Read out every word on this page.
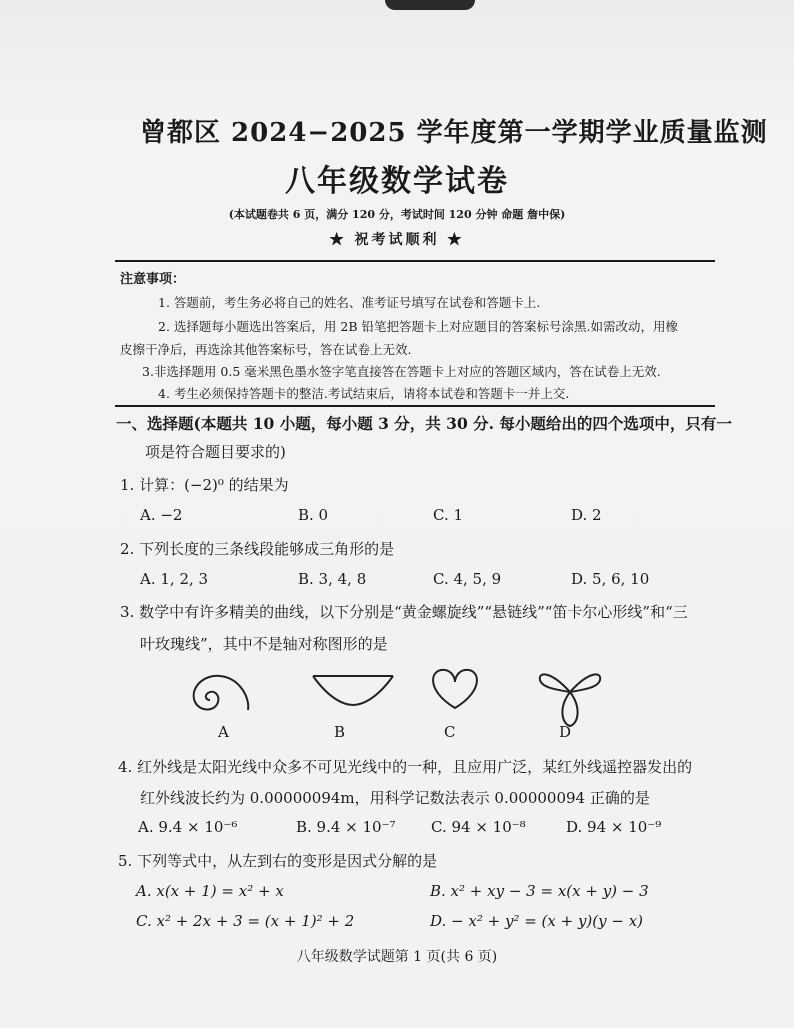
曾都区 2024−2025 学年度第一学期学业质量监测
八年级数学试卷
(本试题卷共 6 页，满分 120 分，考试时间 120 分钟 命题 詹中保)
★ 祝考试顺利 ★
注意事项：
1. 答题前，考生务必将自己的姓名、准考证号填写在试卷和答题卡上.
2. 选择题每小题选出答案后，用 2B 铅笔把答题卡上对应题目的答案标号涂黑.如需改动，用橡
皮擦干净后，再选涂其他答案标号，答在试卷上无效.
3.非选择题用 0.5 毫米黑色墨水签字笔直接答在答题卡上对应的答题区域内，答在试卷上无效.
4. 考生必须保持答题卡的整洁.考试结束后，请将本试卷和答题卡一并上交.
一、选择题(本题共 10 小题，每小题 3 分，共 30 分. 每小题给出的四个选项中，只有一
项是符合题目要求的)
1. 计算：(−2)⁰ 的结果为
A. −2	B. 0	C. 1	D. 2
2. 下列长度的三条线段能够成三角形的是
A. 1, 2, 3	B. 3, 4, 8	C. 4, 5, 9	D. 5, 6, 10
3. 数学中有许多精美的曲线，以下分别是“黄金螺旋线”“悬链线”“笛卡尔心形线”和“三
叶玫瑰线”，其中不是轴对称图形的是
A	B	C	D
4. 红外线是太阳光线中众多不可见光线中的一种，且应用广泛，某红外线遥控器发出的
红外线波长约为 0.00000094m，用科学记数法表示 0.00000094 正确的是
A. 9.4 × 10⁻⁶	B. 9.4 × 10⁻⁷ C. 94 × 10⁻⁸	D. 94 × 10⁻⁹
5. 下列等式中，从左到右的变形是因式分解的是
A. x(x + 1) = x² + x	B. x² + xy − 3 = x(x + y) − 3
C. x² + 2x + 3 = (x + 1)² + 2	D. − x² + y² = (x + y)(y − x)
八年级数学试题第 1 页(共 6 页)
